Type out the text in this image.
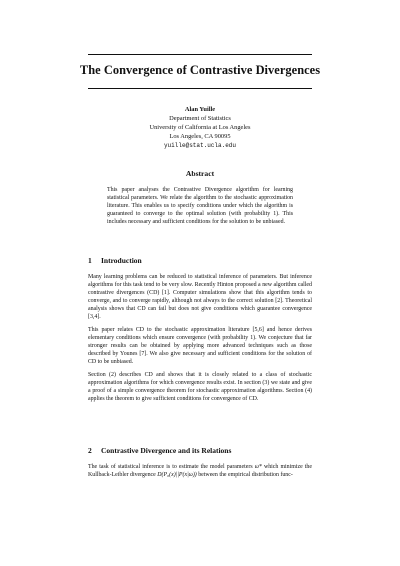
The Convergence of Contrastive Divergences
Alan Yuille
Department of Statistics
University of California at Los Angeles
Los Angeles, CA 90095
yuille@stat.ucla.edu
Abstract
This paper analyses the Contrastive Divergence algorithm for learning statistical parameters. We relate the algorithm to the stochastic approximation literature. This enables us to specify conditions under which the algorithm is guaranteed to converge to the optimal solution (with probability 1). This includes necessary and sufficient conditions for the solution to be unbiased.
1 Introduction
Many learning problems can be reduced to statistical inference of parameters. But inference algorithms for this task tend to be very slow. Recently Hinton proposed a new algorithm called contrastive divergences (CD) [1]. Computer simulations show that this algorithm tends to converge, and to converge rapidly, although not always to the correct solution [2]. Theoretical analysis shows that CD can fail but does not give conditions which guarantee convergence [3,4].
This paper relates CD to the stochastic approximation literature [5,6] and hence derives elementary conditions which ensure convergence (with probability 1). We conjecture that far stronger results can be obtained by applying more advanced techniques such as those described by Younes [7]. We also give necessary and sufficient conditions for the solution of CD to be unbiased.
Section (2) describes CD and shows that it is closely related to a class of stochastic approximation algorithms for which convergence results exist. In section (3) we state and give a proof of a simple convergence theorem for stochastic approximation algorithms. Section (4) applies the theorem to give sufficient conditions for convergence of CD.
2 Contrastive Divergence and its Relations
The task of statistical inference is to estimate the model parameters ω* which minimize the Kullback-Leibler divergence D(P₀(x)||P(x|ω)) between the empirical distribution func-
